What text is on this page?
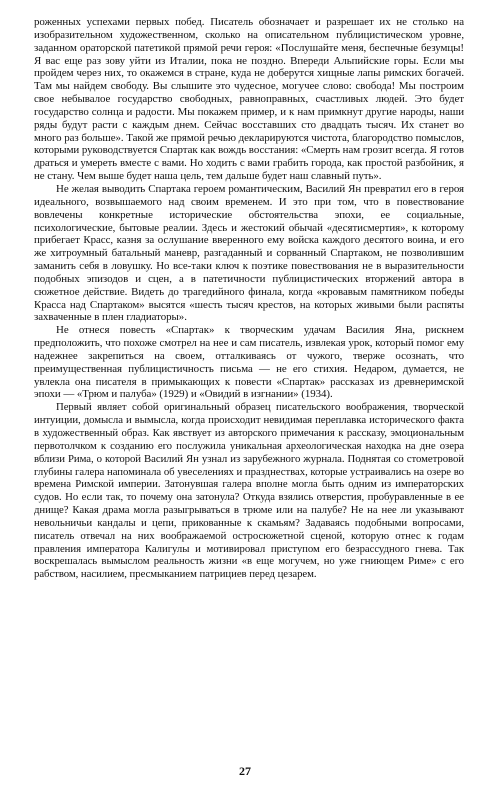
роженных успехами первых побед. Писатель обозначает и разрешает их не столько на изобразительном художественном, сколько на описательном публицистическом уровне, заданном ораторской патетикой прямой речи героя: «Послушайте меня, беспечные безумцы! Я вас еще раз зову уйти из Италии, пока не поздно. Впереди Альпийские горы. Если мы пройдем через них, то окажемся в стране, куда не доберутся хищные лапы римских богачей. Там мы найдем свободу. Вы слышите это чудесное, могучее слово: свобода! Мы построим свое небывалое государство свободных, равноправных, счастливых людей. Это будет государство солнца и радости. Мы покажем пример, и к нам примкнут другие народы, наши ряды будут расти с каждым днем. Сейчас восставших сто двадцать тысяч. Их станет во много раз больше». Такой же прямой речью декларируются чистота, благородство помыслов, которыми руководствуется Спартак как вождь восстания: «Смерть нам грозит всегда. Я готов драться и умереть вместе с вами. Но ходить с вами грабить города, как простой разбойник, я не стану. Чем выше будет наша цель, тем дальше будет наш славный путь».

Не желая выводить Спартака героем романтическим, Василий Ян превратил его в героя идеального, возвышаемого над своим временем. И это при том, что в повествование вовлечены конкретные исторические обстоятельства эпохи, ее социальные, психологические, бытовые реалии. Здесь и жестокий обычай «десятисмертия», к которому прибегает Красс, казня за ослушание вверенного ему войска каждого десятого воина, и его же хитроумный батальный маневр, разгаданный и сорванный Спартаком, не позволившим заманить себя в ловушку. Но все-таки ключ к поэтике повествования не в выразительности подобных эпизодов и сцен, а в патетичности публицистических вторжений автора в сюжетное действие. Видеть до трагедийного финала, когда «кровавым памятником победы Красса над Спартаком» высятся «шесть тысяч крестов, на которых живыми были распяты захваченные в плен гладиаторы».

Не отнеся повесть «Спартак» к творческим удачам Василия Яна, рискнем предположить, что похоже смотрел на нее и сам писатель, извлекая урок, который помог ему надежнее закрепиться на своем, отталкиваясь от чужого, тверже осознать, что преимущественная публицистичность письма — не его стихия. Недаром, думается, не увлекла она писателя в примыкающих к повести «Спартак» рассказах из древнеримской эпохи — «Трюм и палуба» (1929) и «Овидий в изгнании» (1934).

Первый являет собой оригинальный образец писательского воображения, творческой интуиции, домысла и вымысла, когда происходит невидимая переплавка исторического факта в художественный образ. Как явствует из авторского примечания к рассказу, эмоциональным первотолчком к созданию его послужила уникальная археологическая находка на дне озера вблизи Рима, о которой Василий Ян узнал из зарубежного журнала. Поднятая со стометровой глубины галера напоминала об увеселениях и празднествах, которые устраивались на озере во времена Римской империи. Затонувшая галера вполне могла быть одним из императорских судов. Но если так, то почему она затонула? Откуда взялись отверстия, пробуравленные в ее днище? Какая драма могла разыгрываться в трюме или на палубе? Не на нее ли указывают невольничьи кандалы и цепи, прикованные к скамьям? Задаваясь подобными вопросами, писатель отвечал на них воображаемой остросюжетной сценой, которую отнес к годам правления императора Калигулы и мотивировал приступом его безрассудного гнева. Так воскрешалась вымыслом реальность жизни «в еще могучем, но уже гниющем Риме» с его рабством, насилием, пресмыканием патрициев перед цезарем.

27
